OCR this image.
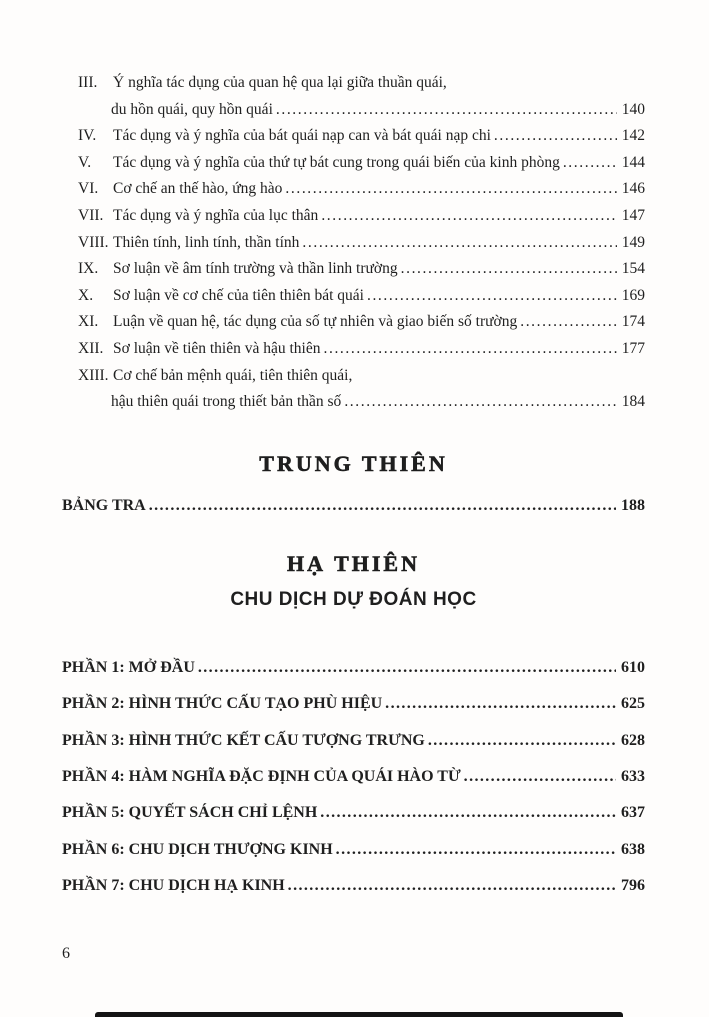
III.	Ý nghĩa tác dụng của quan hệ qua lại giữa thuần quái,
du hồn quái, quy hồn quái .....	140
IV.	Tác dụng và ý nghĩa của bát quái nạp can và bát quái nạp chi .....	142
V.	Tác dụng và ý nghĩa của thứ tự bát cung trong quái biến của kinh phòng .....	144
VI. Cơ chế an thế hào, ứng hào .....	146
VII. Tác dụng và ý nghĩa của lục thân .....	147
VIII. Thiên tính, linh tính, thần tính .....	149
IX. Sơ luận về âm tính trường và thần linh trường .....	154
X.	Sơ luận về cơ chế của tiên thiên bát quái .....	169
XI. Luận về quan hệ, tác dụng của số tự nhiên và giao biến số trường .....	174
XII. Sơ luận về tiên thiên và hậu thiên .....	177
XIII. Cơ chế bản mệnh quái, tiên thiên quái,
hậu thiên quái trong thiết bản thần số .....	184
TRUNG THIÊN
BẢNG TRA .....	188
HẠ THIÊN
CHU DỊCH DỰ ĐOÁN HỌC
PHẦN 1: MỞ ĐẦU .....	610
PHẦN 2: HÌNH THỨC CẤU TẠO PHÙ HIỆU .....	625
PHẦN 3: HÌNH THỨC KẾT CẤU TƯỢNG TRƯNG .....	628
PHẦN 4: HÀM NGHĨA ĐẶC ĐỊNH CỦA QUÁI HÀO TỪ .....	633
PHẦN 5: QUYẾT SÁCH CHỈ LỆNH .....	637
PHẦN 6: CHU DỊCH THƯỢNG KINH .....	638
PHẦN 7: CHU DỊCH HẠ KINH .....	796
6
